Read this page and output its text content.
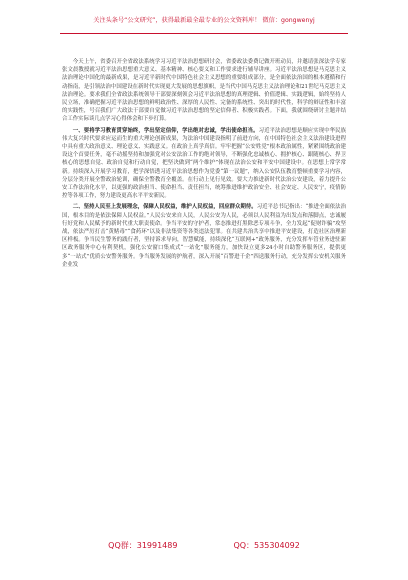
关注头条号“公文研究”，获得最新最全最专业的公文资料库！ 微信：gongwenyj

今天上午，省委召开全省政法系统学习习近平法治思想研讨会，省委政法委费记做开班动员，并邀请张深法学专家张文晨教授就习近平法治思想重大意义、基本精神、核心要义和工作要求进行辅导讲座。习近平法治思想是马克思主义法治理论中国化的最新成果，是习近平新时代中国特色社会主义思想的重要组成部分，是全面依法治国的根本遵循和行动指南，是引领法治中国建设在新时代实现更大发展的思想旗帜，是当代中国马克思主义法治理论和21世纪马克思主义法治理论。要求我们全省政法系统领导干部要深刻领会习近平法治思想的真理逻辑、价值逻辑、实践逻辑，始终坚持人民立场，准确把握习近平法治思想的鲜明政治性、深厚的人民性、完备的系统性、突出的时代性，科学的辩证性和丰富的实践性，号召我们广大政法干部要自觉做习近平法治思想的坚定信仰者、积极实践者。下面，我就围绕研讨主题并结合工作实际谈几点学习心得体会和下步打算。

一、要将学习教育贯穿始终，学出坚定信仰，学出绝对忠诚，学出使命担当。习近平法治思想是顺应实现中华民族伟大复兴时代要求应运而生的重大理论创新成果，为法治中国建设指明了前进方向，在中国特色社会主义法治建设进程中具有重大政治意义、理论意义、实践意义。在政治上真学真信。牢牢把握“公安姓党”根本政治属性，紧紧围绕政治建设这个首要任务，毫不动摇坚持和加强党对公安法治工作的绝对领导，不断强化忠诚核心、拥护核心、跟随核心、捍卫核心的思想自觉、政治自觉和行动自觉，把坚决做到“两个维护”体现在法治公安和平安中国建设中。在思想上常学常新。持续深入开展学习教育，把学深悟透习近平法治思想作为党委“第一议题”，纳入公安队伍教育整顿重要学习内容，分层分类开展全警政治轮训，确保全警教育全覆盖。在行动上见行见效。要大力推进新时代法治公安建设，着力提升公安工作法治化水平，以更强的政治担当、使命担当、责任担当，统筹推进维护政治安全、社会安定、人民安宁，疫情防控等各项工作，努力建设更高水平平安新民。

二、坚持人民至上发展理念，保障人民权益，维护人民权益，回应群众期待。习近平总书记指出：“推进全面依法治国，根本目的是依法保障人民权益。”人民公安来自人民，人民公安为人民，必须以人民利益为出发点和落脚点，忠诚履行好党和人民赋予的新时代重大职责使命。争当平安的守护者，常态推进打黑除恶专项斗争，全力发起“促财诈骗”攻坚战，依法严厉打击“黄赌毒”“食药环”以及非法集资等各类违法犯罪。在共建共治共享中推进平安建设，打造社区治理新区样板。争当民生警务的践行者，坚持诉求导向，智慧赋能，持续深化“互联网+”政务服务，充分发挥车管业务进驻新区政务服务中心有利契机，强化公安窗口集成式“一站化”服务能力，加快设立更多24小时自助警务服务区，提供更多“一站式”优质公安警务服务。争当服务发展的护航者，深入开展“百警进千企”四送服务行动，充分发挥公安机关服务企业发

QQ群：31991489	QQ：535304092
